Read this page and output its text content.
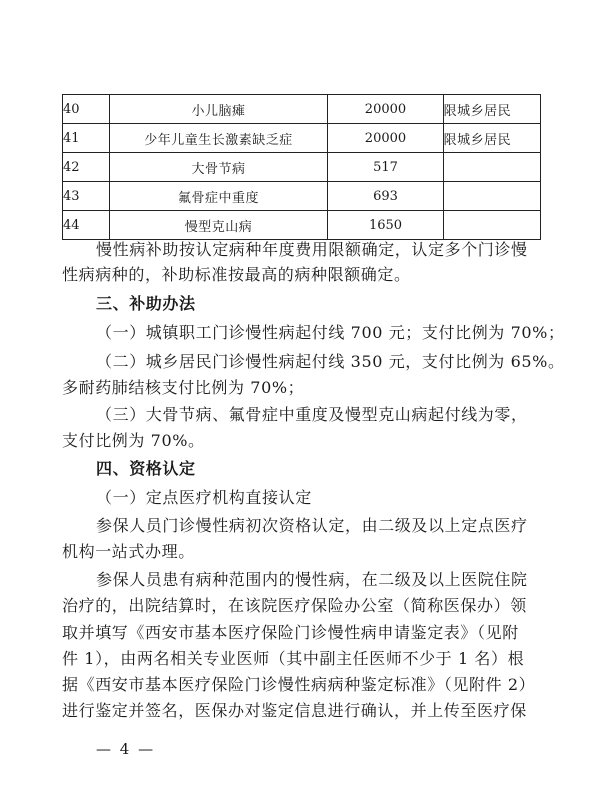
40	小儿脑瘫	20000	限城乡居民
41	少年儿童生长激素缺乏症	20000	限城乡居民
42	大骨节病	517	
43	氟骨症中重度	693	
44	慢型克山病	1650	
慢性病补助按认定病种年度费用限额确定，认定多个门诊慢
性病病种的，补助标准按最高的病种限额确定。
三、补助办法
（一）城镇职工门诊慢性病起付线 700 元；支付比例为 70%；
（二）城乡居民门诊慢性病起付线 350 元，支付比例为 65%。
多耐药肺结核支付比例为 70%；
（三）大骨节病、氟骨症中重度及慢型克山病起付线为零，
支付比例为 70%。
四、资格认定
（一）定点医疗机构直接认定
参保人员门诊慢性病初次资格认定，由二级及以上定点医疗
机构一站式办理。
参保人员患有病种范围内的慢性病，在二级及以上医院住院
治疗的，出院结算时，在该院医疗保险办公室（简称医保办）领
取并填写《西安市基本医疗保险门诊慢性病申请鉴定表》（见附
件 1），由两名相关专业医师（其中副主任医师不少于 1 名）根
据《西安市基本医疗保险门诊慢性病病种鉴定标准》（见附件 2）
进行鉴定并签名，医保办对鉴定信息进行确认，并上传至医疗保
— 4 —
